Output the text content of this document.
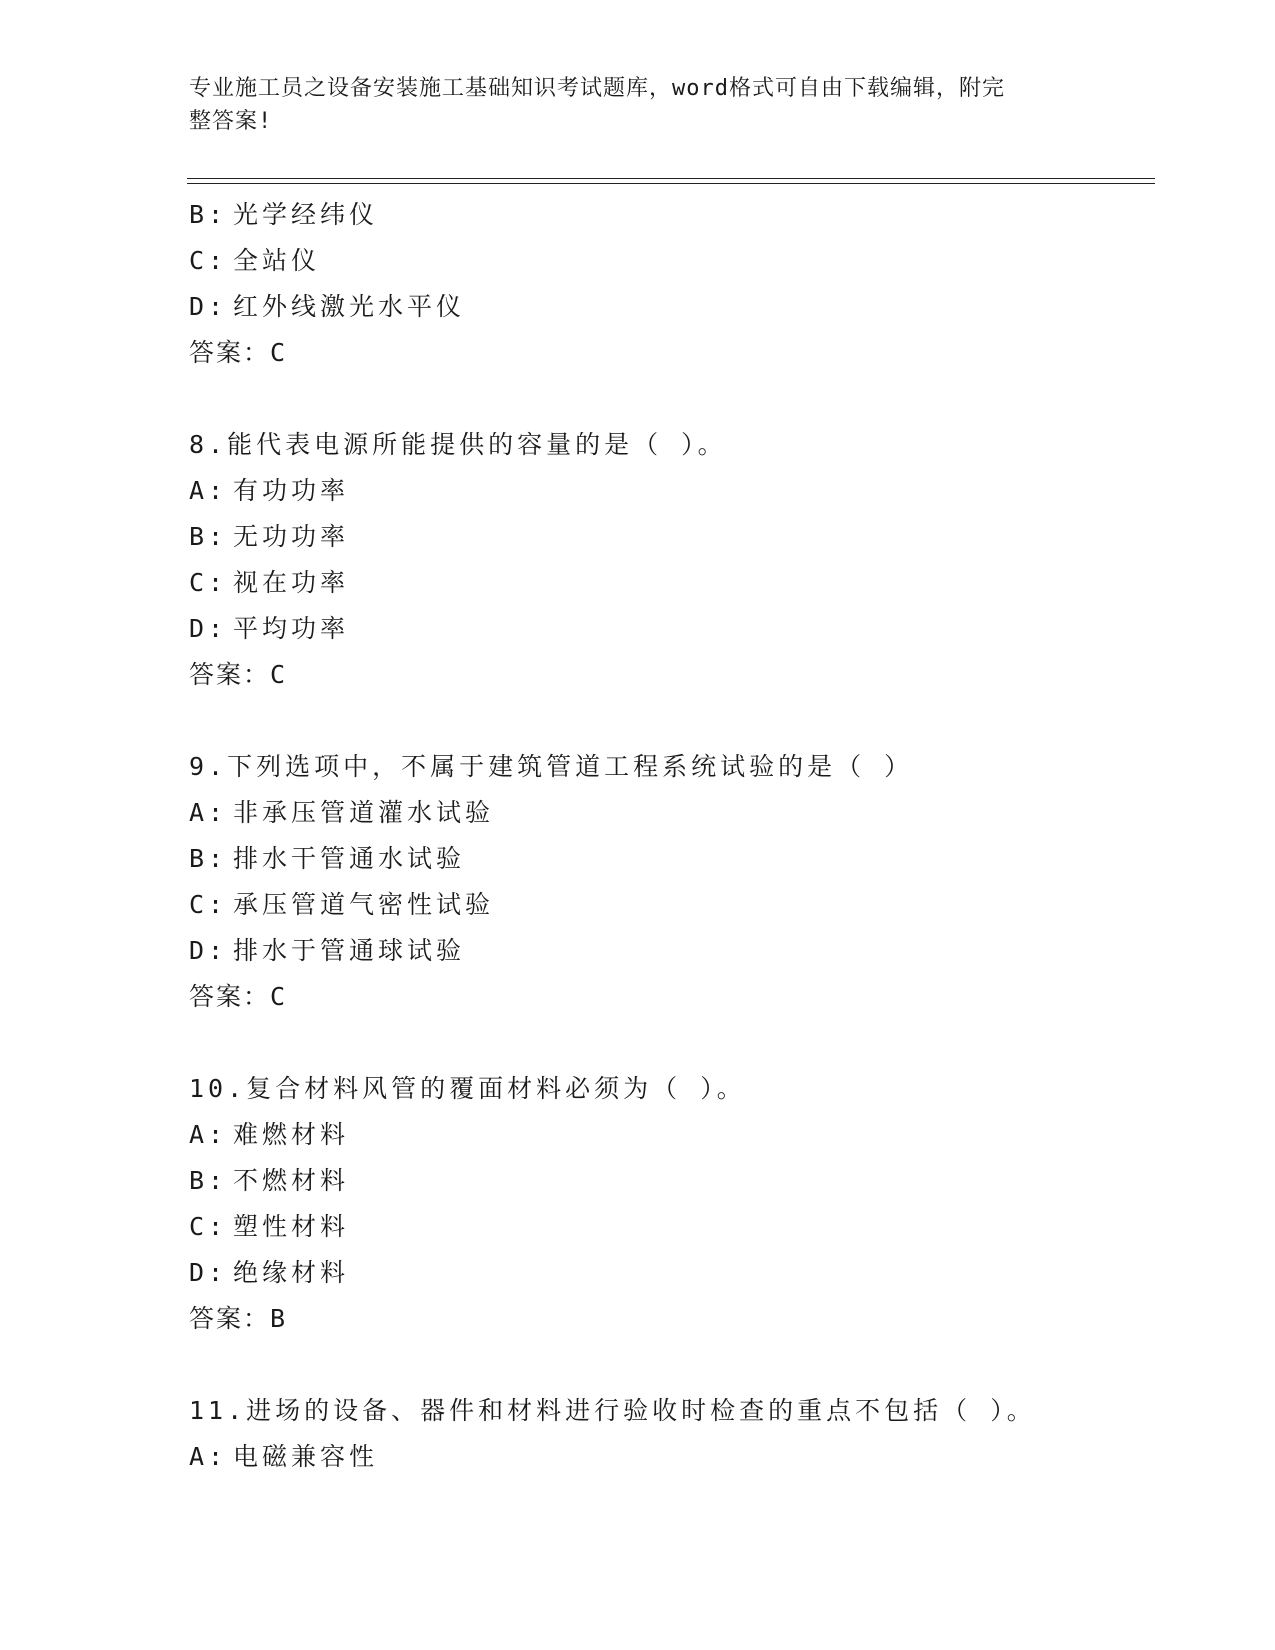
专业施工员之设备安装施工基础知识考试题库，word格式可自由下载编辑，附完
整答案!
B: 光学经纬仪
C: 全站仪
D: 红外线激光水平仪
答案：C
8.能代表电源所能提供的容量的是（ ）。
A: 有功功率
B: 无功功率
C: 视在功率
D: 平均功率
答案：C
9.下列选项中，不属于建筑管道工程系统试验的是（ ）
A: 非承压管道灌水试验
B: 排水干管通水试验
C: 承压管道气密性试验
D: 排水于管通球试验
答案：C
10.复合材料风管的覆面材料必须为（ ）。
A: 难燃材料
B: 不燃材料
C: 塑性材料
D: 绝缘材料
答案：B
11.进场的设备、器件和材料进行验收时检查的重点不包括（ ）。
A: 电磁兼容性
